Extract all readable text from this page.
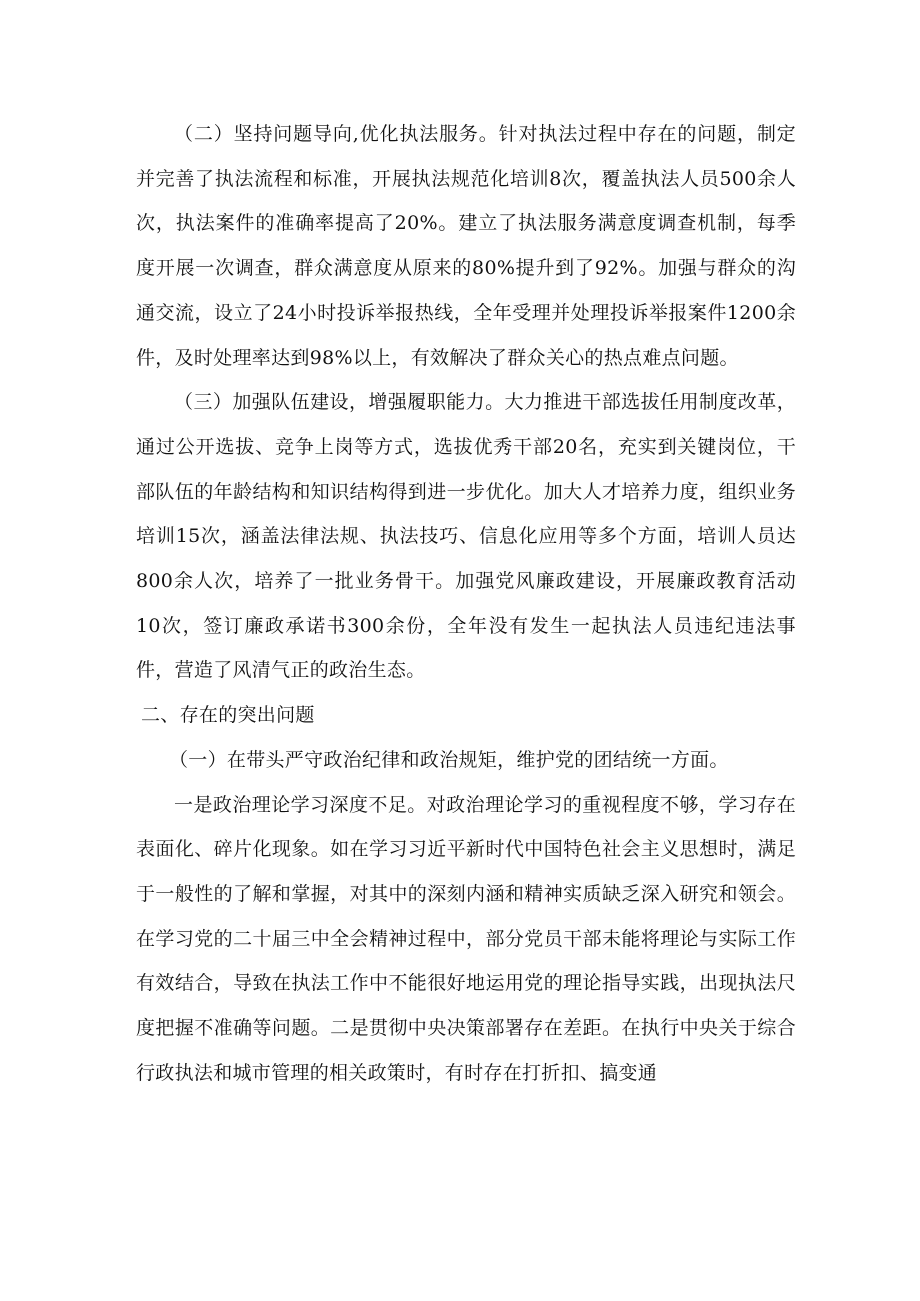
（二）坚持问题导向,优化执法服务。针对执法过程中存在的问题，制定并完善了执法流程和标准，开展执法规范化培训8次，覆盖执法人员500余人次，执法案件的准确率提高了20%。建立了执法服务满意度调查机制，每季度开展一次调查，群众满意度从原来的80%提升到了92%。加强与群众的沟通交流，设立了24小时投诉举报热线，全年受理并处理投诉举报案件1200余件，及时处理率达到98%以上，有效解决了群众关心的热点难点问题。

（三）加强队伍建设，增强履职能力。大力推进干部选拔任用制度改革，通过公开选拔、竞争上岗等方式，选拔优秀干部20名，充实到关键岗位，干部队伍的年龄结构和知识结构得到进一步优化。加大人才培养力度，组织业务培训15次，涵盖法律法规、执法技巧、信息化应用等多个方面，培训人员达800余人次，培养了一批业务骨干。加强党风廉政建设，开展廉政教育活动10次，签订廉政承诺书300余份，全年没有发生一起执法人员违纪违法事件，营造了风清气正的政治生态。

二、存在的突出问题

（一）在带头严守政治纪律和政治规矩，维护党的团结统一方面。

一是政治理论学习深度不足。对政治理论学习的重视程度不够，学习存在表面化、碎片化现象。如在学习习近平新时代中国特色社会主义思想时，满足于一般性的了解和掌握，对其中的深刻内涵和精神实质缺乏深入研究和领会。在学习党的二十届三中全会精神过程中，部分党员干部未能将理论与实际工作有效结合，导致在执法工作中不能很好地运用党的理论指导实践，出现执法尺度把握不准确等问题。二是贯彻中央决策部署存在差距。在执行中央关于综合行政执法和城市管理的相关政策时，有时存在打折扣、搞变通
